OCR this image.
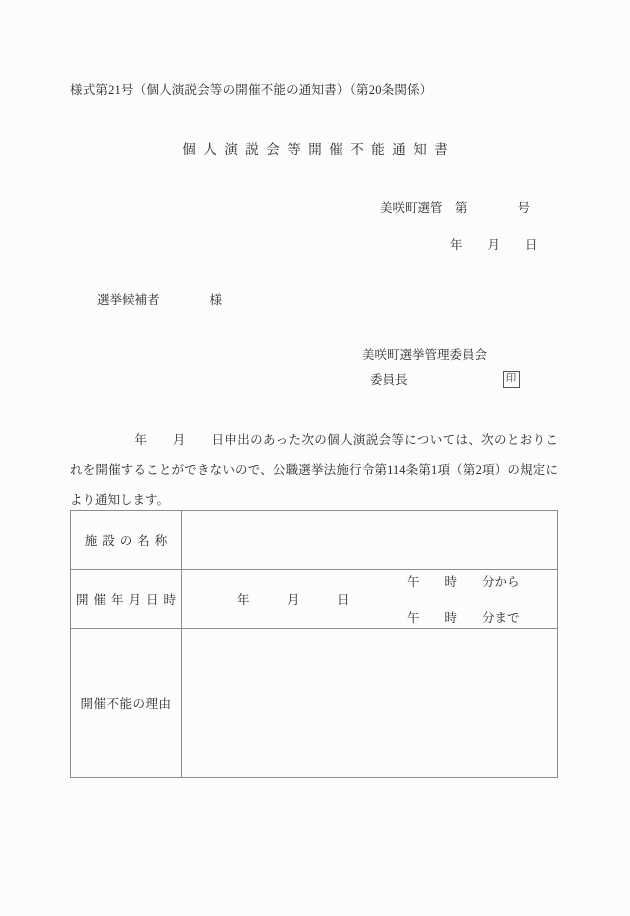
様式第21号（個人演説会等の開催不能の通知書）（第20条関係）
個人演説会等開催不能通知書
美咲町選管　第　　　　号
年　　月　　日
選挙候補者　　　　様
美咲町選挙管理委員会
委員長	印
年　　月　　日申出のあった次の個人演説会等については、次のとおりこれを開催することができないので、公職選挙法施行令第114条第1項（第2項）の規定により通知します。
施設の名称	

開催年月日時	年　　　月　　　日
午　　時　　分から
午　　時　　分まで

開催不能の理由	
